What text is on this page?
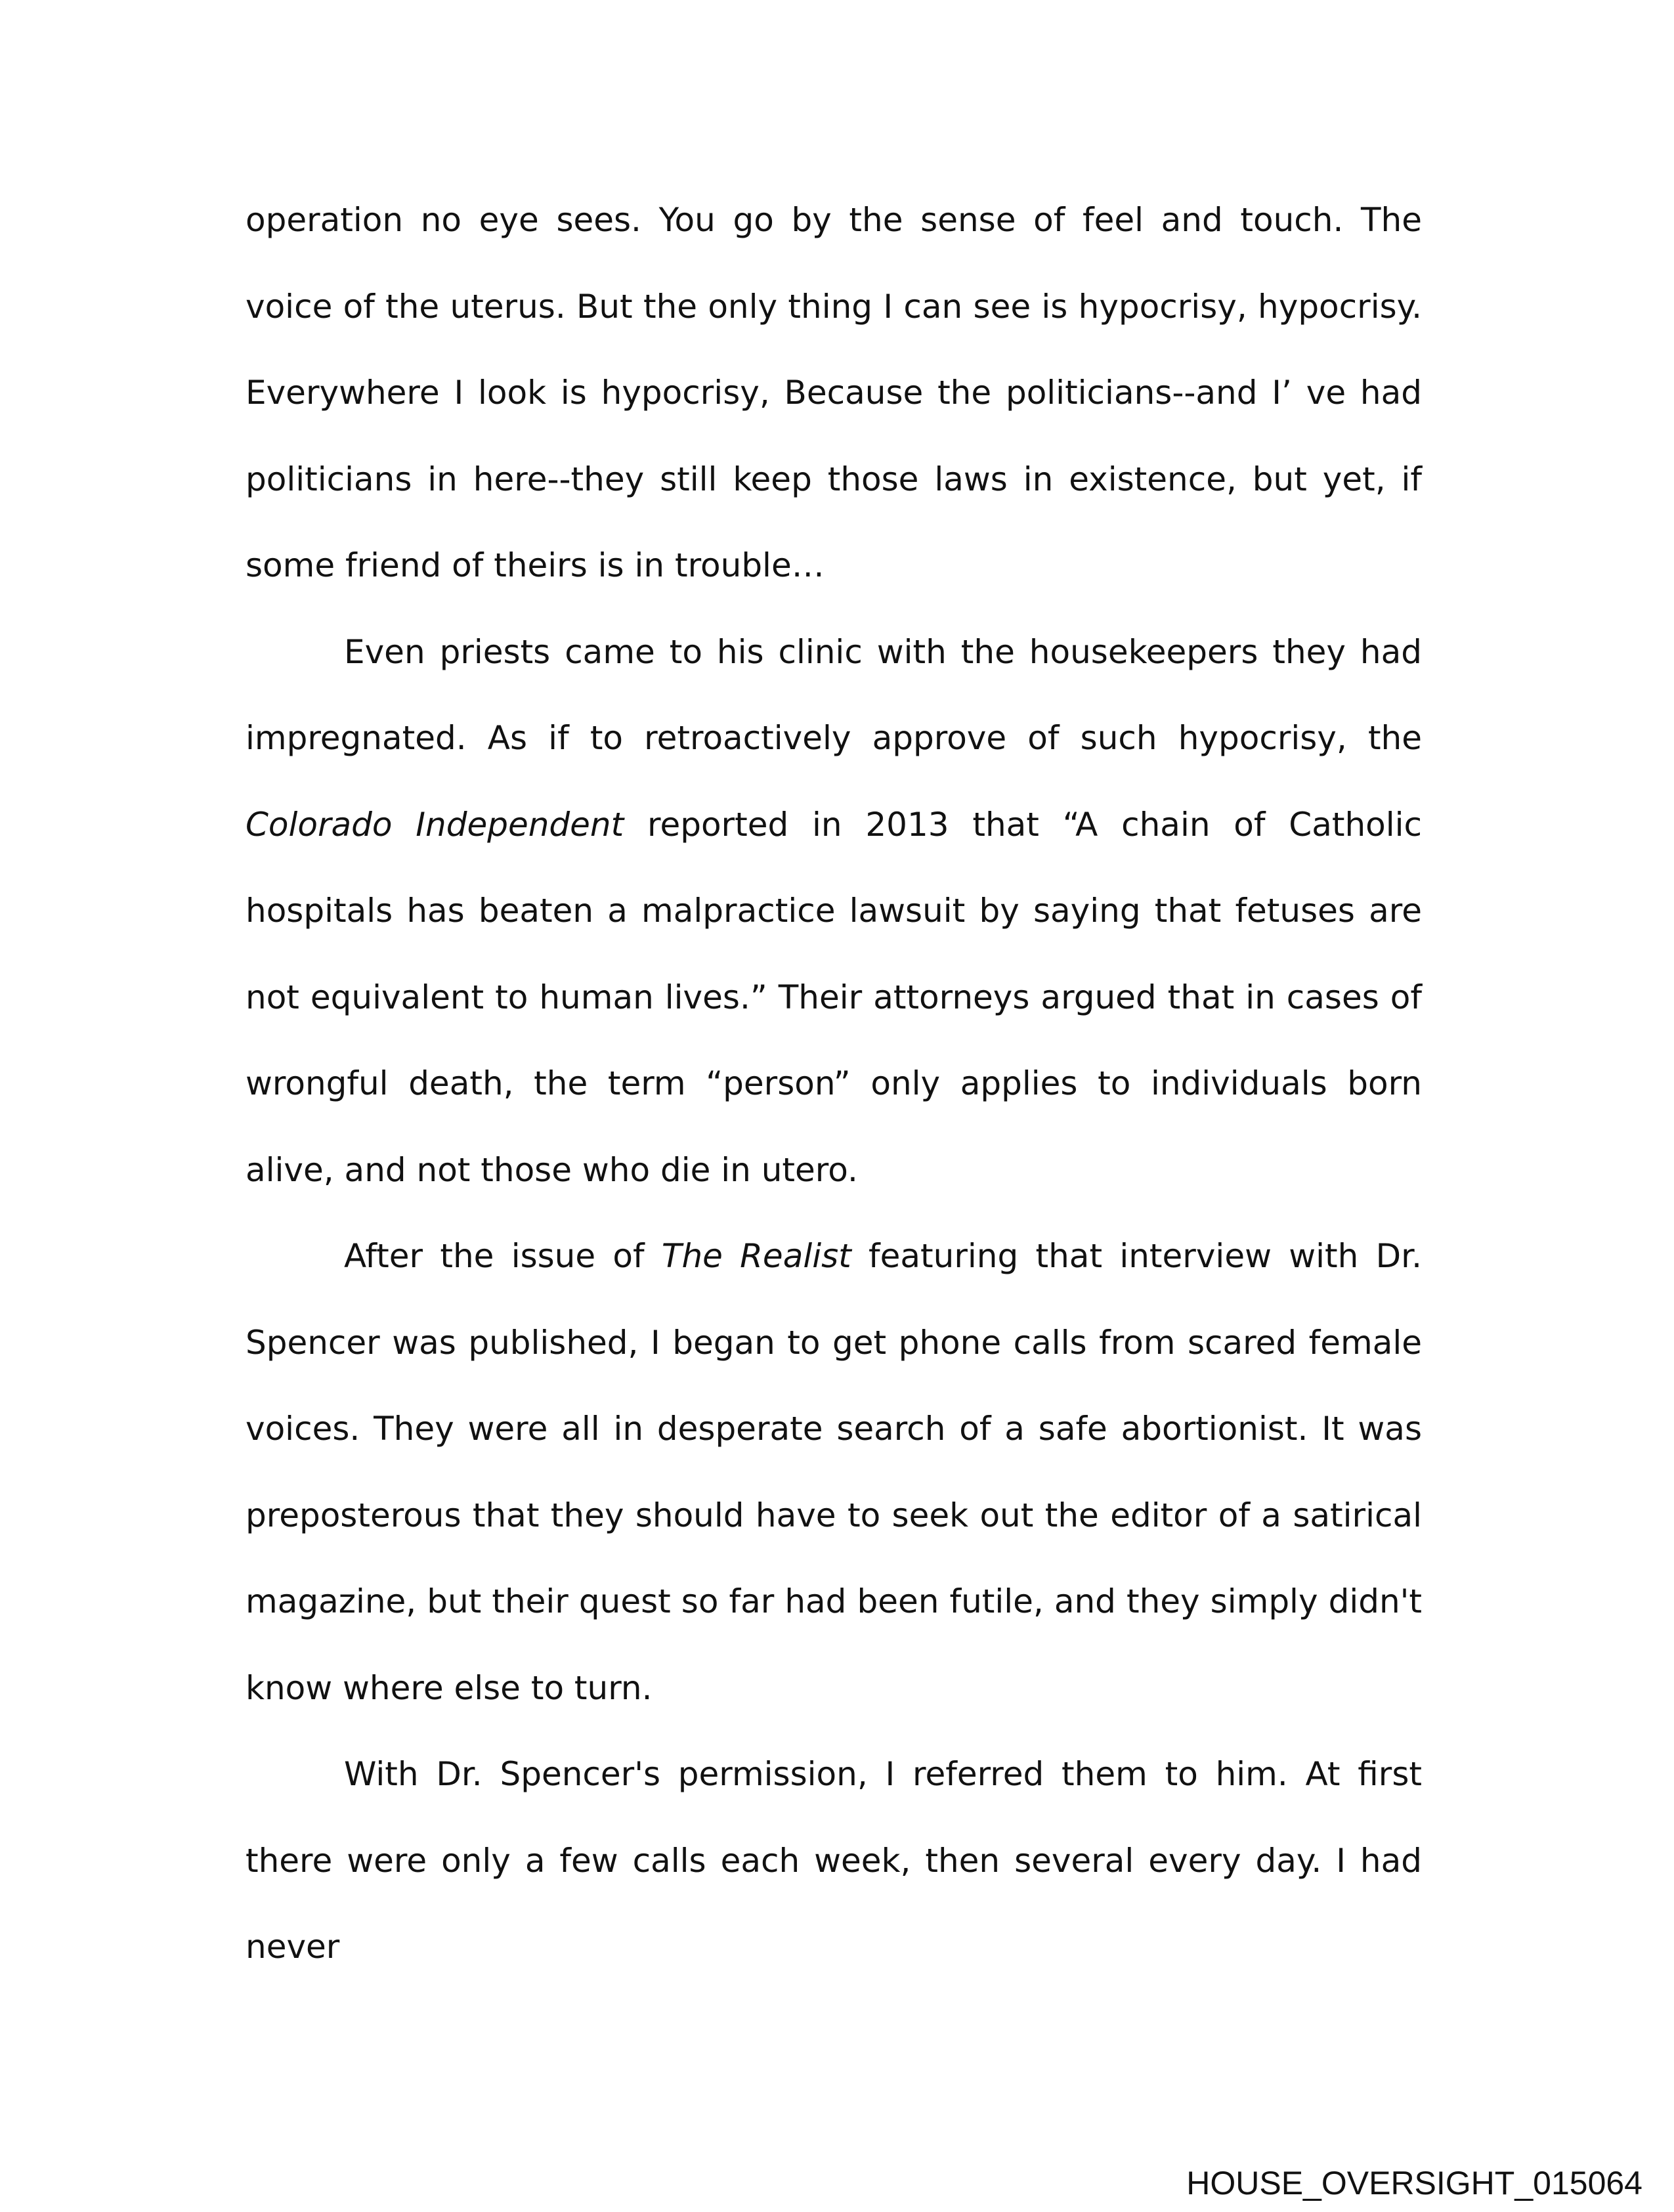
operation no eye sees. You go by the sense of feel and touch. The voice of the uterus. But the only thing I can see is hypocrisy, hypocrisy. Everywhere I look is hypocrisy, Because the politicians--and I’ ve had politicians in here--they still keep those laws in existence, but yet, if some friend of theirs is in trouble…

Even priests came to his clinic with the housekeepers they had impregnated. As if to retroactively approve of such hypocrisy, the Colorado Independent reported in 2013 that “A chain of Catholic hospitals has beaten a malpractice lawsuit by saying that fetuses are not equivalent to human lives.” Their attorneys argued that in cases of wrongful death, the term “person” only applies to individuals born alive, and not those who die in utero.

After the issue of The Realist featuring that interview with Dr. Spencer was published, I began to get phone calls from scared female voices. They were all in desperate search of a safe abortionist. It was preposterous that they should have to seek out the editor of a satirical magazine, but their quest so far had been futile, and they simply didn't know where else to turn.

With Dr. Spencer's permission, I referred them to him. At first there were only a few calls each week, then several every day. I had never

HOUSE_OVERSIGHT_015064
